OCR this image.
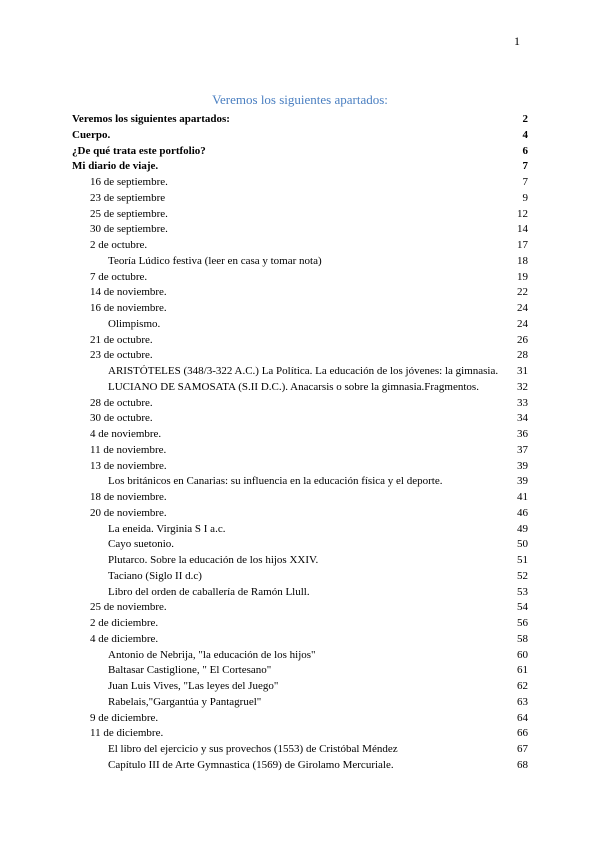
1
Veremos los siguientes apartados:
Veremos los siguientes apartados:	2
Cuerpo.	4
¿De qué trata este portfolio?	6
Mi diario de viaje.	7
16 de septiembre.	7
23 de septiembre	9
25 de septiembre.	12
30 de septiembre.	14
2 de octubre.	17
Teoría Lúdico festiva (leer en casa y tomar nota)	18
7 de octubre.	19
14 de noviembre.	22
16 de noviembre.	24
Olimpismo.	24
21 de octubre.	26
23 de octubre.	28
ARISTÓTELES (348/3-322 A.C.) La Política. La educación de los jóvenes: la gimnasia.	31
LUCIANO DE SAMOSATA (S.II D.C.). Anacarsis o sobre la gimnasia.Fragmentos.	32
28 de octubre.	33
30 de octubre.	34
4 de noviembre.	36
11 de noviembre.	37
13 de noviembre.	39
Los británicos en Canarias: su influencia en la educación física y el deporte.	39
18 de noviembre.	41
20 de noviembre.	46
La eneida. Virginia S I a.c.	49
Cayo suetonio.	50
Plutarco. Sobre la educación de los hijos XXIV.	51
Taciano (Siglo II d.c)	52
Libro del orden de caballería de Ramón Llull.	53
25 de noviembre.	54
2 de diciembre.	56
4 de diciembre.	58
Antonio de Nebrija, "la educación de los hijos"	60
Baltasar Castiglione, " El Cortesano"	61
Juan Luis Vives, "Las leyes del Juego"	62
Rabelais,"Gargantúa y Pantagruel"	63
9 de diciembre.	64
11 de diciembre.	66
El libro del ejercicio y sus provechos (1553) de Cristóbal Méndez	67
Capítulo III de Arte Gymnastica (1569) de Girolamo Mercuriale.	68
